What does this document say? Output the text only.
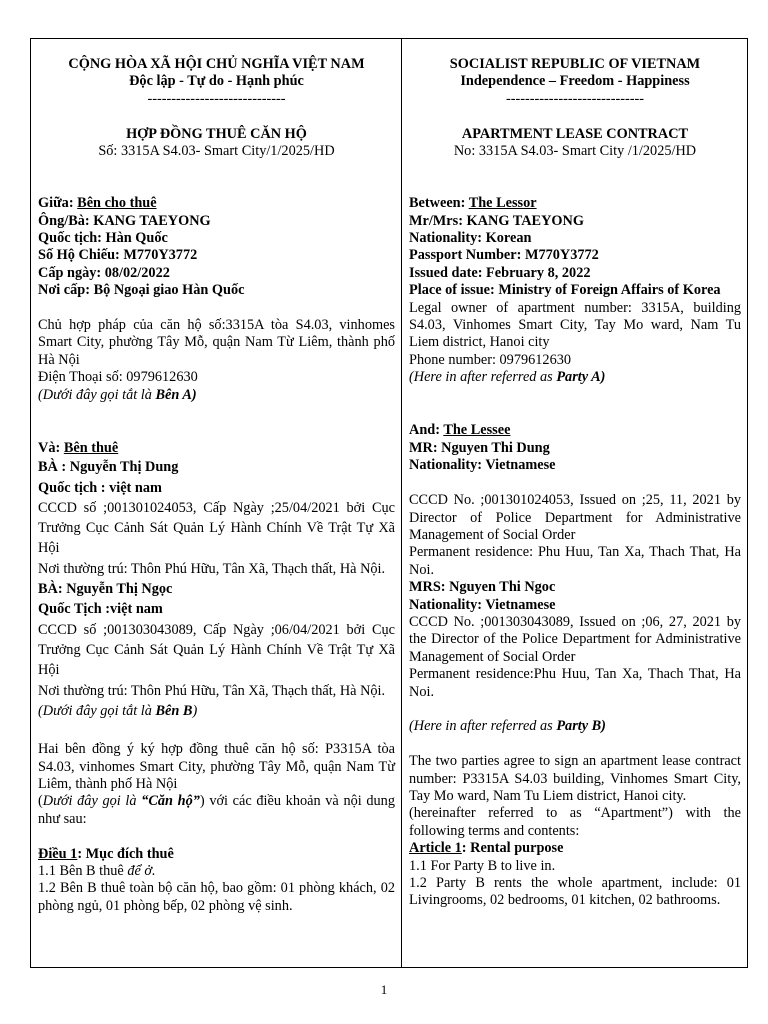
CỘNG HÒA XÃ HỘI CHỦ NGHĨA VIỆT NAM

Độc lập - Tự do - Hạnh phúc

-----------------------------

HỢP ĐỒNG THUÊ CĂN HỘ

Số: 3315A S4.03- Smart City/1/2025/HD

Giữa: Bên cho thuê

Ông/Bà: KANG TAEYONG

Quốc tịch: Hàn Quốc

Số Hộ Chiếu: M770Y3772

Cấp ngày: 08/02/2022

Nơi cấp: Bộ Ngoại giao Hàn Quốc

Chủ hợp pháp của căn hộ số:3315A tòa S4.03, vinhomes Smart City, phường Tây Mỗ, quận Nam Từ Liêm, thành phố Hà Nội

Điện Thoại số: 0979612630

(Dưới đây gọi tắt là Bên A)

Và: Bên thuê

BÀ : Nguyễn Thị Dung

Quốc tịch : việt nam

CCCD số ;001301024053, Cấp Ngày ;25/04/2021 bởi Cục Trưởng Cục Cảnh Sát Quản Lý Hành Chính Về Trật Tự Xã Hội

Nơi thường trú: Thôn Phú Hữu, Tân Xã, Thạch thất, Hà Nội.

BÀ: Nguyễn Thị Ngọc

Quốc Tịch :việt nam

CCCD số ;001303043089, Cấp Ngày ;06/04/2021 bởi Cục Trưởng Cục Cảnh Sát Quản Lý Hành Chính Về Trật Tự Xã Hội

Nơi thường trú: Thôn Phú Hữu, Tân Xã, Thạch thất, Hà Nội.

(Dưới đây gọi tắt là Bên B)

Hai bên đồng ý ký hợp đồng thuê căn hộ số: P3315A tòa S4.03, vinhomes Smart City, phường Tây Mỗ, quận Nam Từ Liêm, thành phố Hà Nội

(Dưới đây gọi là “Căn hộ”) với các điều khoản và nội dung như sau:

Điều 1: Mục đích thuê

1.1 Bên B thuê để ở.

1.2 Bên B thuê toàn bộ căn hộ, bao gồm: 01 phòng khách, 02 phòng ngủ, 01 phòng bếp, 02 phòng vệ sinh.

SOCIALIST REPUBLIC OF VIETNAM

Independence – Freedom - Happiness

-----------------------------

APARTMENT LEASE CONTRACT

No: 3315A S4.03- Smart City /1/2025/HD

Between: The Lessor

Mr/Mrs: KANG TAEYONG

Nationality: Korean

Passport Number: M770Y3772

Issued date: February 8, 2022

Place of issue: Ministry of Foreign Affairs of Korea

Legal owner of apartment number: 3315A, building S4.03, Vinhomes Smart City, Tay Mo ward, Nam Tu Liem district, Hanoi city

Phone number: 0979612630

(Here in after referred as Party A)

And: The Lessee

MR: Nguyen Thi Dung

Nationality: Vietnamese

CCCD No. ;001301024053, Issued on ;25, 11, 2021 by Director of Police Department for Administrative Management of Social Order

Permanent residence: Phu Huu, Tan Xa, Thach That, Ha Noi.

MRS: Nguyen Thi Ngoc

Nationality: Vietnamese

CCCD No. ;001303043089, Issued on ;06, 27, 2021 by the Director of the Police Department for Administrative Management of Social Order

Permanent residence:Phu Huu, Tan Xa, Thach That, Ha Noi.

(Here in after referred as Party B)

The two parties agree to sign an apartment lease contract number: P3315A S4.03 building, Vinhomes Smart City, Tay Mo ward, Nam Tu Liem district, Hanoi city.

(hereinafter referred to as “Apartment”) with the following terms and contents:

Article 1: Rental purpose

1.1 For Party B to live in.

1.2 Party B rents the whole apartment, include: 01 Livingrooms, 02 bedrooms, 01 kitchen, 02 bathrooms.

1
